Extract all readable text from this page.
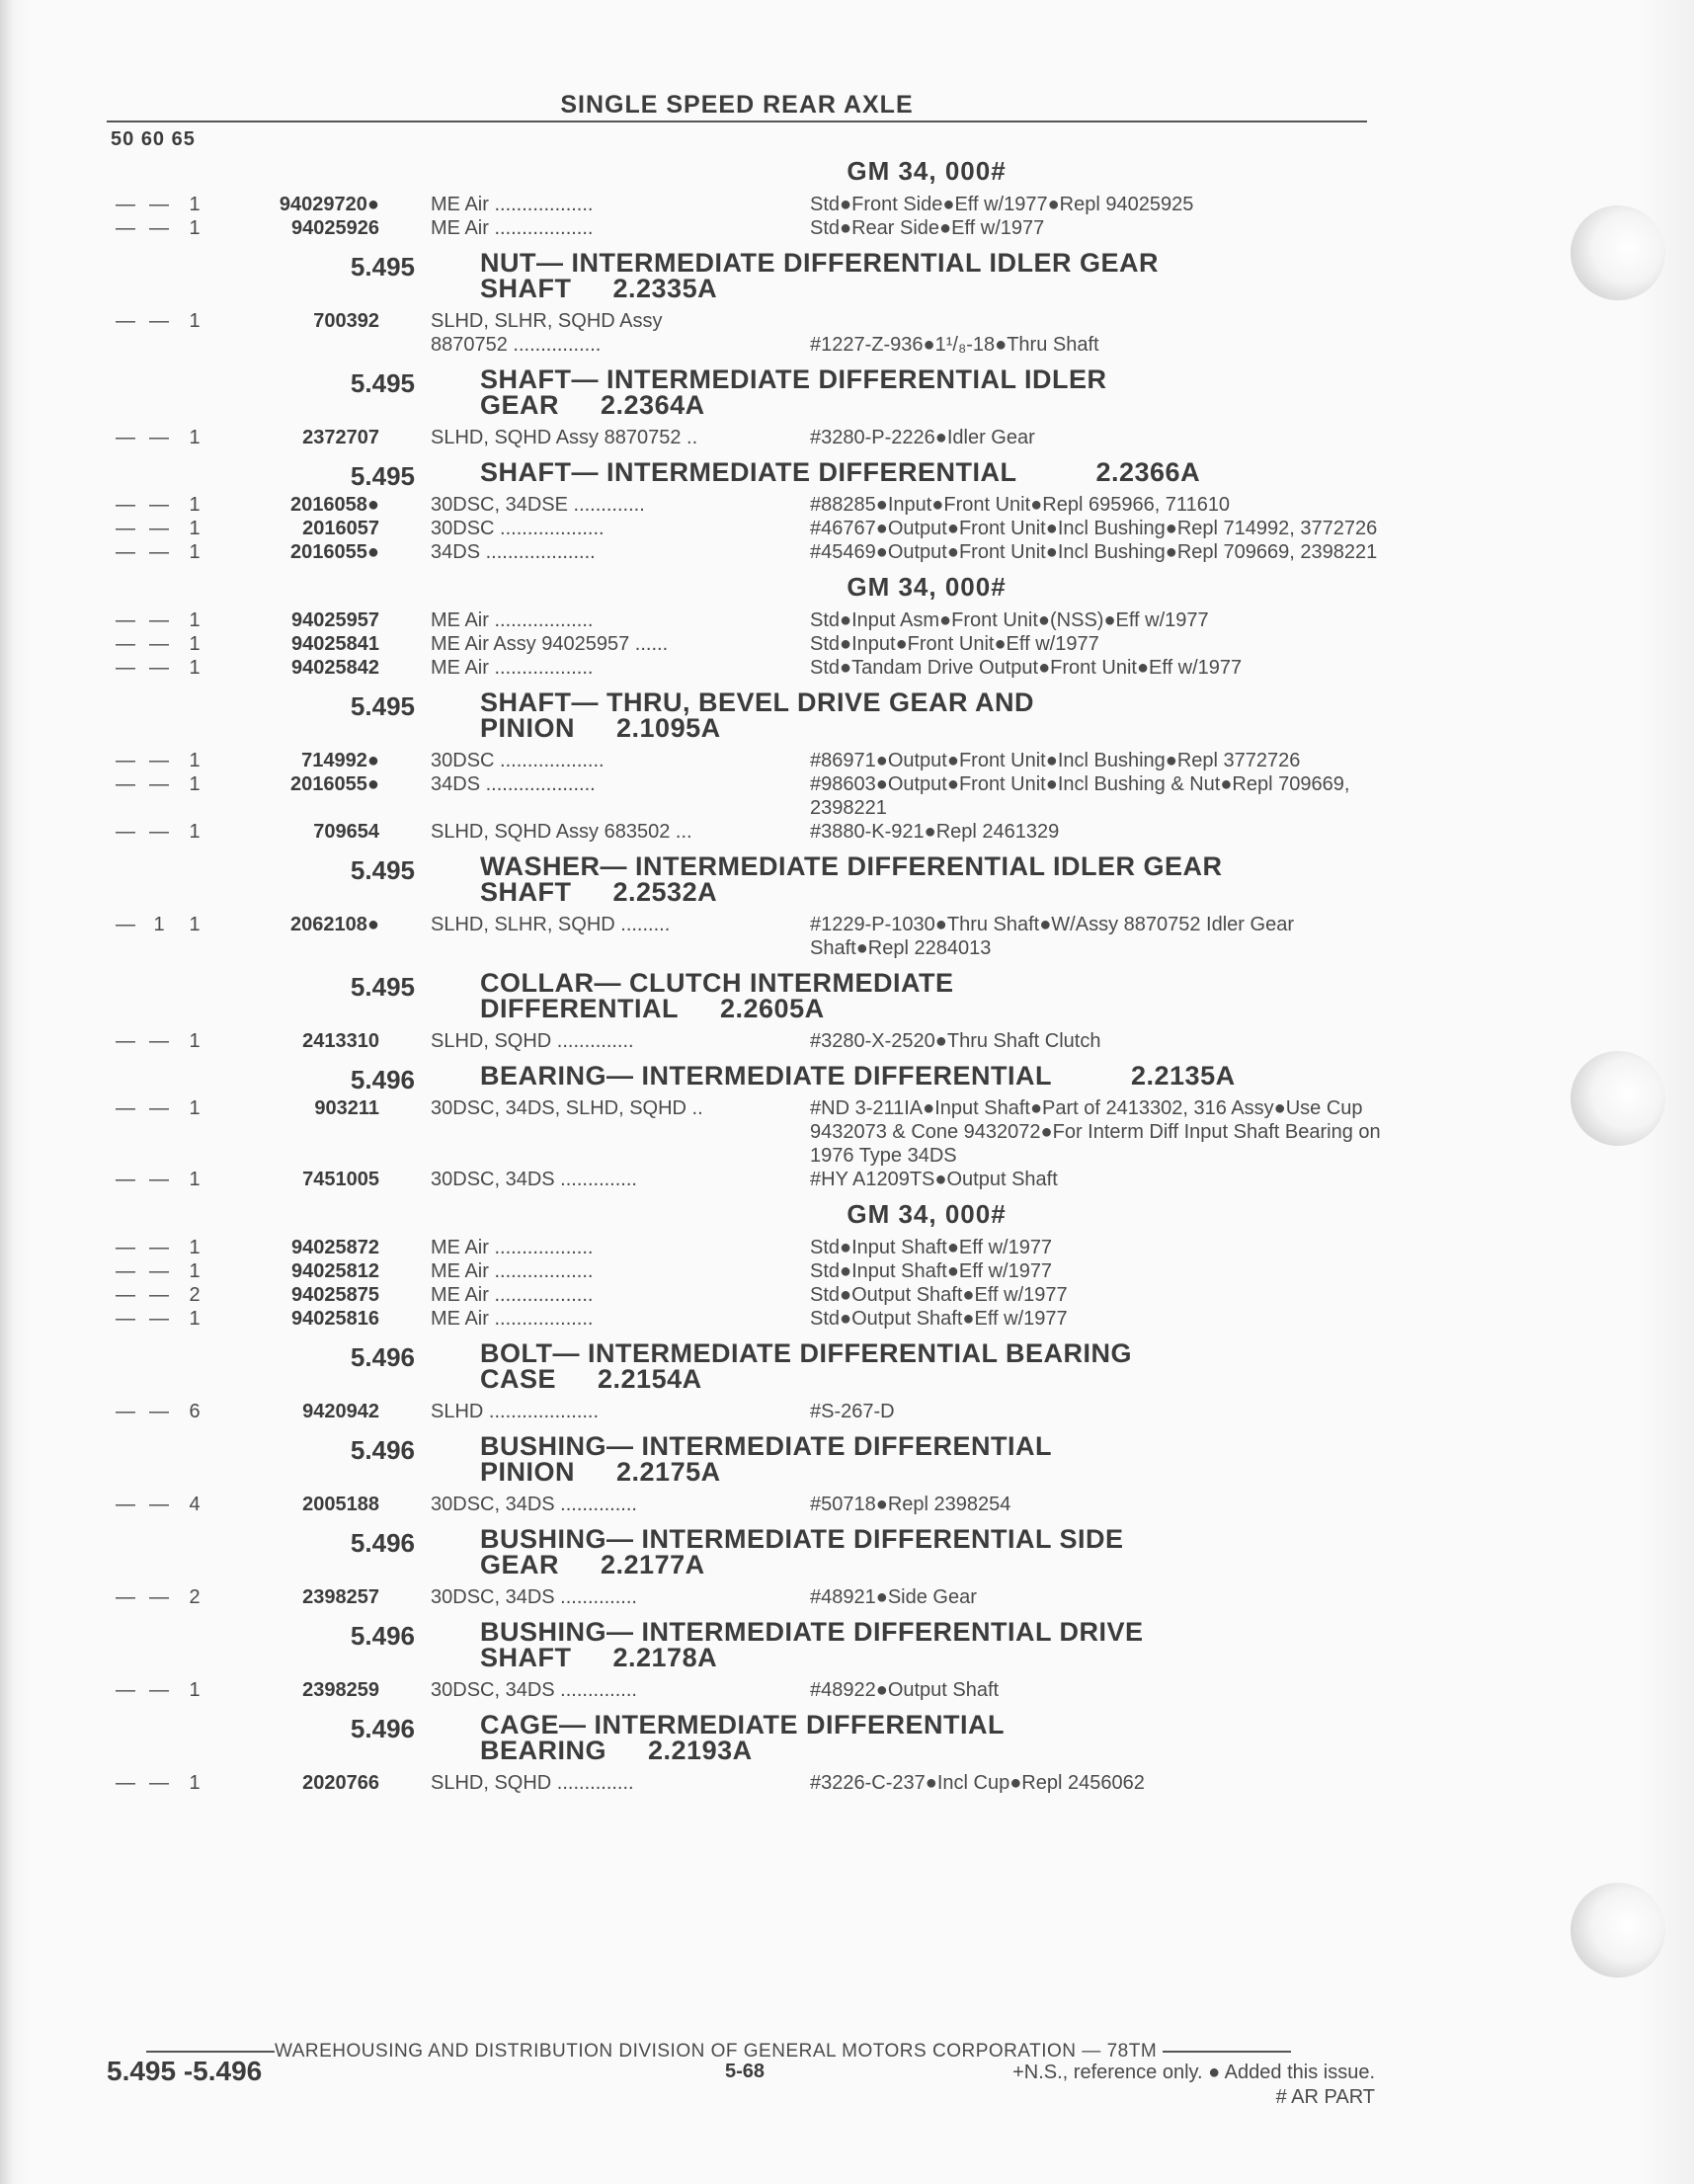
SINGLE SPEED REAR AXLE
50 60 65
GM 34, 000#
— —	1	94029720●	ME Air ..................	Std●Front Side●Eff w/1977●Repl 94025925
— —	1	94025926	ME Air ..................	Std●Rear Side●Eff w/1977
5.495 NUT— INTERMEDIATE DIFFERENTIAL IDLER GEAR
SHAFT 2.2335A
— —	1	700392	SLHD, SLHR, SQHD Assy
8870752 ................	#1227-Z-936●1¹/₈-18●Thru Shaft
5.495 SHAFT— INTERMEDIATE DIFFERENTIAL IDLER
GEAR 2.2364A
— —	1	2372707	SLHD, SQHD Assy 8870752 ..	#3280-P-2226●Idler Gear
5.495 SHAFT— INTERMEDIATE DIFFERENTIAL	2.2366A
— —	1	2016058●	30DSC, 34DSE .............	#88285●Input●Front Unit●Repl 695966, 711610
— —	1	2016057	30DSC ...................	#46767●Output●Front Unit●Incl Bushing●Repl 714992, 3772726
— —	1	2016055●	34DS ....................	#45469●Output●Front Unit●Incl Bushing●Repl 709669, 2398221
GM 34, 000#
— —	1	94025957	ME Air ..................	Std●Input Asm●Front Unit●(NSS)●Eff w/1977
— —	1	94025841	ME Air Assy 94025957 ......	Std●Input●Front Unit●Eff w/1977
— —	1	94025842	ME Air ..................	Std●Tandam Drive Output●Front Unit●Eff w/1977
5.495 SHAFT— THRU, BEVEL DRIVE GEAR AND
PINION 2.1095A
— —	1	714992●	30DSC ...................	#86971●Output●Front Unit●Incl Bushing●Repl 3772726
— —	1	2016055●	34DS ....................	#98603●Output●Front Unit●Incl Bushing & Nut●Repl 709669, 2398221
— —	1	709654	SLHD, SQHD Assy 683502 ...	#3880-K-921●Repl 2461329
5.495 WASHER— INTERMEDIATE DIFFERENTIAL IDLER GEAR
SHAFT 2.2532A
— 1	1	2062108●	SLHD, SLHR, SQHD .........	#1229-P-1030●Thru Shaft●W/Assy 8870752 Idler Gear Shaft●Repl 2284013
5.495 COLLAR— CLUTCH INTERMEDIATE
DIFFERENTIAL 2.2605A
— —	1	2413310	SLHD, SQHD ..............	#3280-X-2520●Thru Shaft Clutch
5.496 BEARING— INTERMEDIATE DIFFERENTIAL	2.2135A
— —	1	903211	30DSC, 34DS, SLHD, SQHD ..	#ND 3-211IA●Input Shaft●Part of 2413302, 316 Assy●Use Cup 9432073 & Cone 9432072●For Interm Diff Input Shaft Bearing on 1976 Type 34DS
— —	1	7451005	30DSC, 34DS ..............	#HY A1209TS●Output Shaft
GM 34, 000#
— —	1	94025872	ME Air ..................	Std●Input Shaft●Eff w/1977
— —	1	94025812	ME Air ..................	Std●Input Shaft●Eff w/1977
— —	2	94025875	ME Air ..................	Std●Output Shaft●Eff w/1977
— —	1	94025816	ME Air ..................	Std●Output Shaft●Eff w/1977
5.496 BOLT— INTERMEDIATE DIFFERENTIAL BEARING
CASE 2.2154A
— —	6	9420942	SLHD ....................	#S-267-D
5.496 BUSHING— INTERMEDIATE DIFFERENTIAL
PINION 2.2175A
— —	4	2005188	30DSC, 34DS ..............	#50718●Repl 2398254
5.496 BUSHING— INTERMEDIATE DIFFERENTIAL SIDE
GEAR 2.2177A
— —	2	2398257	30DSC, 34DS ..............	#48921●Side Gear
5.496 BUSHING— INTERMEDIATE DIFFERENTIAL DRIVE
SHAFT 2.2178A
— —	1	2398259	30DSC, 34DS ..............	#48922●Output Shaft
5.496 CAGE— INTERMEDIATE DIFFERENTIAL
BEARING 2.2193A
— —	1	2020766	SLHD, SQHD ..............	#3226-C-237●Incl Cup●Repl 2456062
WAREHOUSING AND DISTRIBUTION DIVISION OF GENERAL MOTORS CORPORATION — 78TM
5.495 -5.496	5-68	+N.S., reference only. ● Added this issue.
# AR PART
